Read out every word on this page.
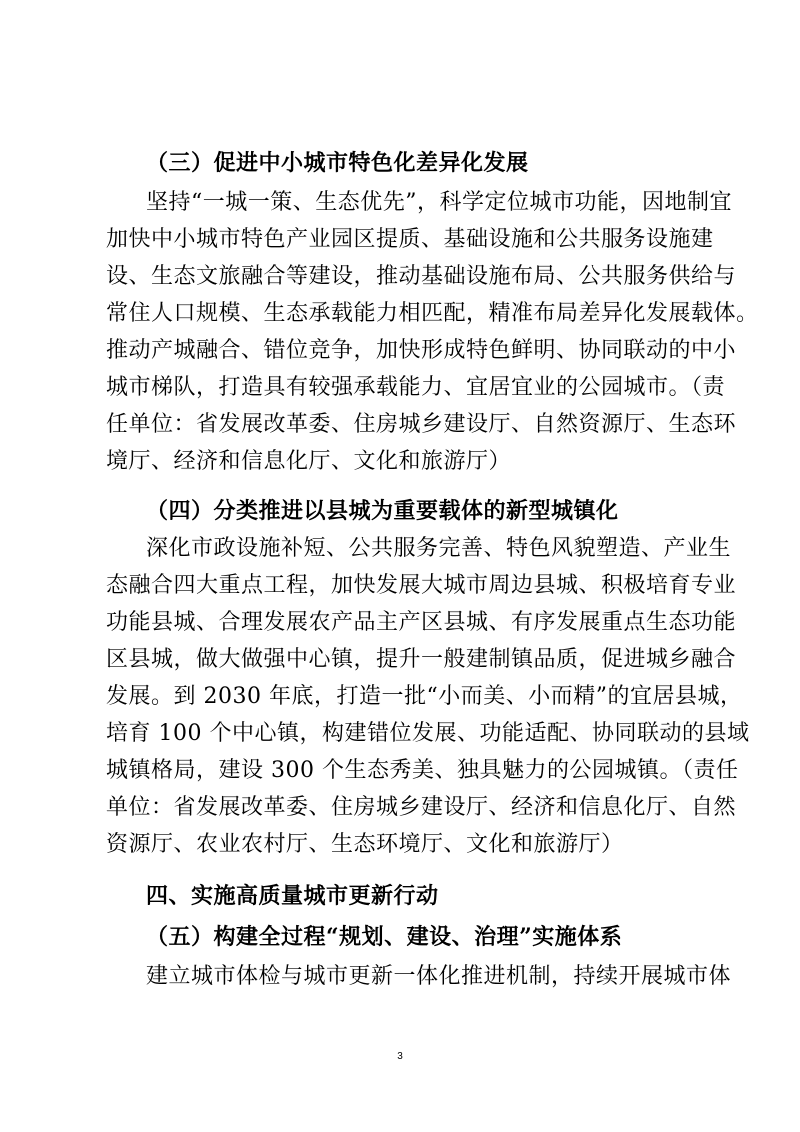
（三）促进中小城市特色化差异化发展
坚持“一城一策、生态优先”，科学定位城市功能，因地制宜
加快中小城市特色产业园区提质、基础设施和公共服务设施建
设、生态文旅融合等建设，推动基础设施布局、公共服务供给与
常住人口规模、生态承载能力相匹配，精准布局差异化发展载体。
推动产城融合、错位竞争，加快形成特色鲜明、协同联动的中小
城市梯队，打造具有较强承载能力、宜居宜业的公园城市。（责
任单位：省发展改革委、住房城乡建设厅、自然资源厅、生态环
境厅、经济和信息化厅、文化和旅游厅）
（四）分类推进以县城为重要载体的新型城镇化
深化市政设施补短、公共服务完善、特色风貌塑造、产业生
态融合四大重点工程，加快发展大城市周边县城、积极培育专业
功能县城、合理发展农产品主产区县城、有序发展重点生态功能
区县城，做大做强中心镇，提升一般建制镇品质，促进城乡融合
发展。到 2030 年底，打造一批“小而美、小而精”的宜居县城，
培育 100 个中心镇，构建错位发展、功能适配、协同联动的县域
城镇格局，建设 300 个生态秀美、独具魅力的公园城镇。（责任
单位：省发展改革委、住房城乡建设厅、经济和信息化厅、自然
资源厅、农业农村厅、生态环境厅、文化和旅游厅）
四、实施高质量城市更新行动
（五）构建全过程“规划、建设、治理”实施体系
建立城市体检与城市更新一体化推进机制，持续开展城市体
3
